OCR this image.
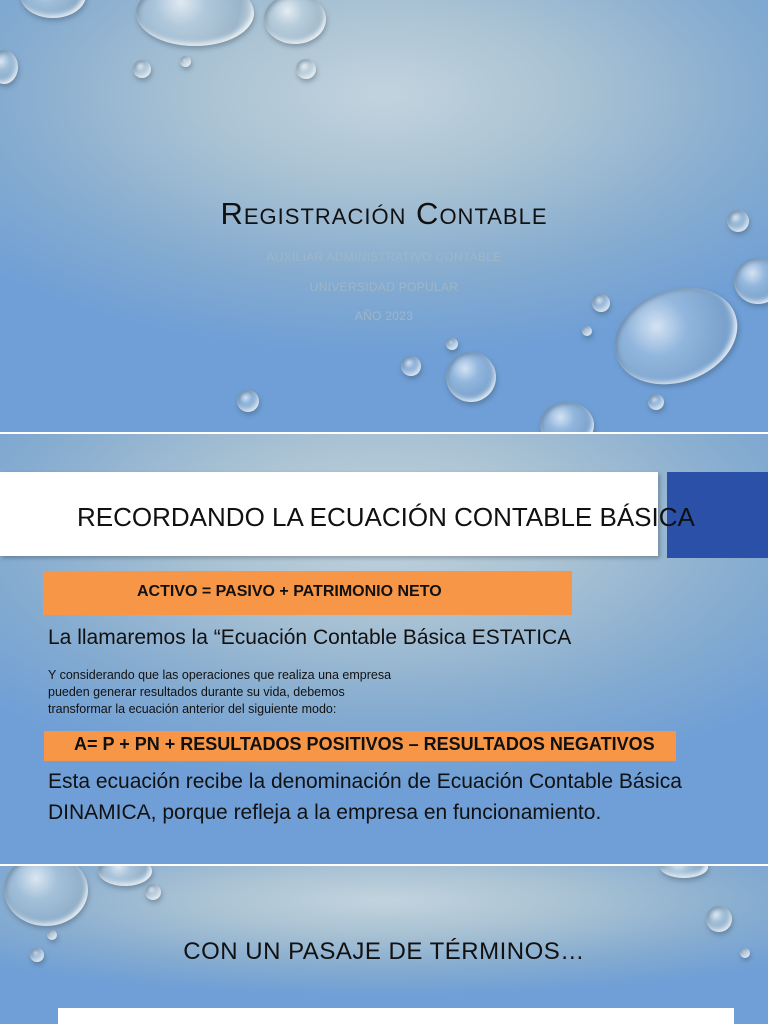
Registración Contable
AUXILIAR ADMINISTRATIVO CONTABLE
UNIVERSIDAD POPULAR
AÑO 2023
RECORDANDO LA ECUACIÓN CONTABLE BÁSICA
ACTIVO = PASIVO + PATRIMONIO NETO
La llamaremos la “Ecuación Contable Básica ESTATICA
Y considerando que las operaciones que realiza una empresa
pueden generar resultados durante su vida, debemos
transformar la ecuación anterior del siguiente modo:
A= P + PN + RESULTADOS POSITIVOS – RESULTADOS NEGATIVOS
Esta ecuación recibe la denominación de Ecuación Contable Básica
DINAMICA, porque refleja a la empresa en funcionamiento.
CON UN PASAJE DE TÉRMINOS…
